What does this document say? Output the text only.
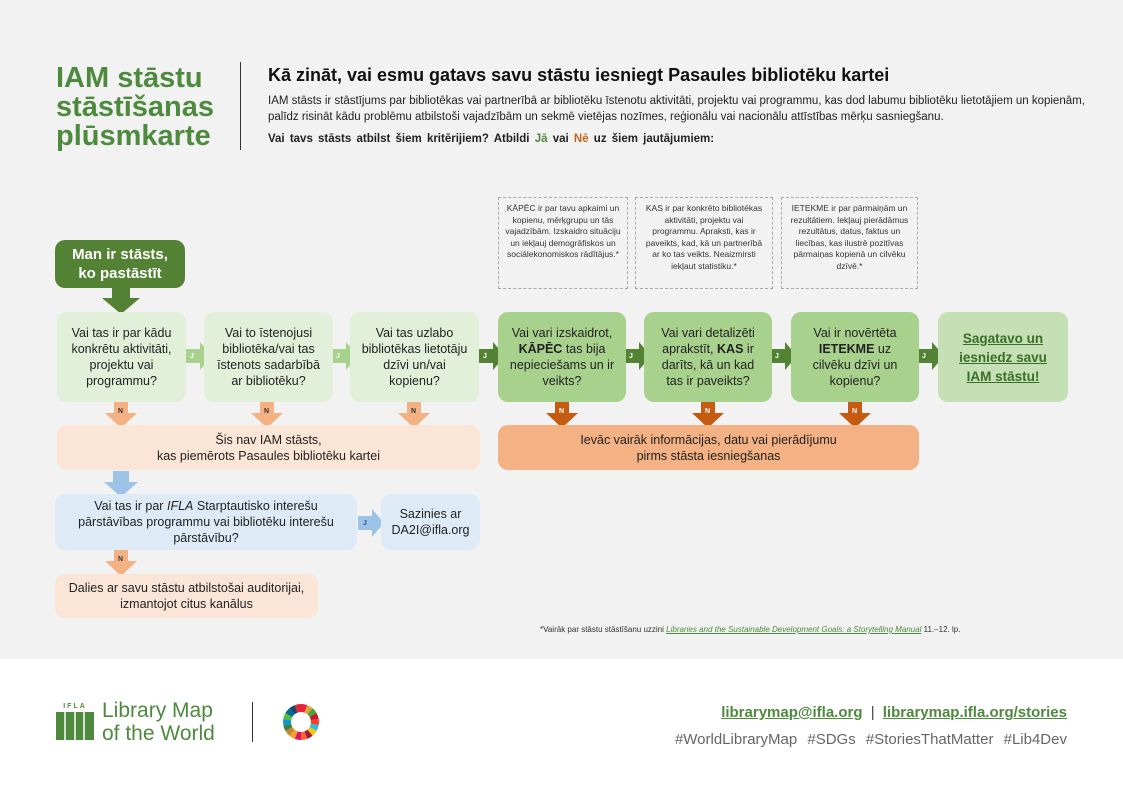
IAM stāstu stāstīšanas plūsmkarte
Kā zināt, vai esmu gatavs savu stāstu iesniegt Pasaules bibliotēku kartei
IAM stāsts ir stāstījums par bibliotēkas vai partnerībā ar bibliotēku īstenotu aktivitāti, projektu vai programmu, kas dod labumu bibliotēku lietotājiem un kopienām, palīdz risināt kādu problēmu atbilstoši vajadzībām un sekmē vietējas nozīmes, reģionālu vai nacionālu attīstības mērķu sasniegšanu.
Vai tavs stāsts atbilst šiem kritērijiem? Atbildi Jā vai Nē uz šiem jautājumiem:
KĀPĒC ir par tavu apkaimi un kopienu, mērķgrupu un tās vajadzībām. Izskaidro situāciju un iekļauj demogrāfiskos un sociālekonomiskos rādītājus.*
KAS ir par konkrēto bibliotēkas aktivitāti, projektu vai programmu. Apraksti, kas ir paveikts, kad, kā un partnerībā ar ko tas veikts. Neaizmirsti iekļaut statistiku.*
IETEKME ir par pārmaiņām un rezultātiem. Iekļauj pierādāmus rezultātus, datus, faktus un liecības, kas ilustrē pozitīvas pārmaiņas kopienā un cilvēku dzīvē.*
J	J	J	J	J	J
J
N	N	N	N	N	N
N
Man ir stāsts, ko pastāstīt
Vai tas ir par kādu konkrētu aktivitāti, projektu vai programmu?
Vai to īstenojusi bibliotēka/vai tas īstenots sadarbībā ar bibliotēku?
Vai tas uzlabo bibliotēkas lietotāju dzīvi un/vai kopienu?
Vai vari izskaidrot, KĀPĒC tas bija nepieciešams un ir veikts?
Vai vari detalizēti aprakstīt, KAS ir darīts, kā un kad tas ir paveikts?
Vai ir novērtēta IETEKME uz cilvēku dzīvi un kopienu?
Sagatavo un iesniedz savu IAM stāstu!
Šis nav IAM stāsts,
kas piemērots Pasaules bibliotēku kartei
Ievāc vairāk informācijas, datu vai pierādījumu
pirms stāsta iesniegšanas
Vai tas ir par IFLA Starptautisko interešu pārstāvības programmu vai bibliotēku interešu pārstāvību?
Sazinies ar DA2I@ifla.org
Dalies ar savu stāstu atbilstošai auditorijai, izmantojot citus kanālus
*Vairāk par stāstu stāstīšanu uzzini Libraries and the Sustainable Development Goals: a Storytelling Manual 11.–12. lp.
IFLA Library Map
of the World
librarymap@ifla.org | librarymap.ifla.org/stories
#WorldLibraryMap #SDGs #StoriesThatMatter #Lib4Dev
